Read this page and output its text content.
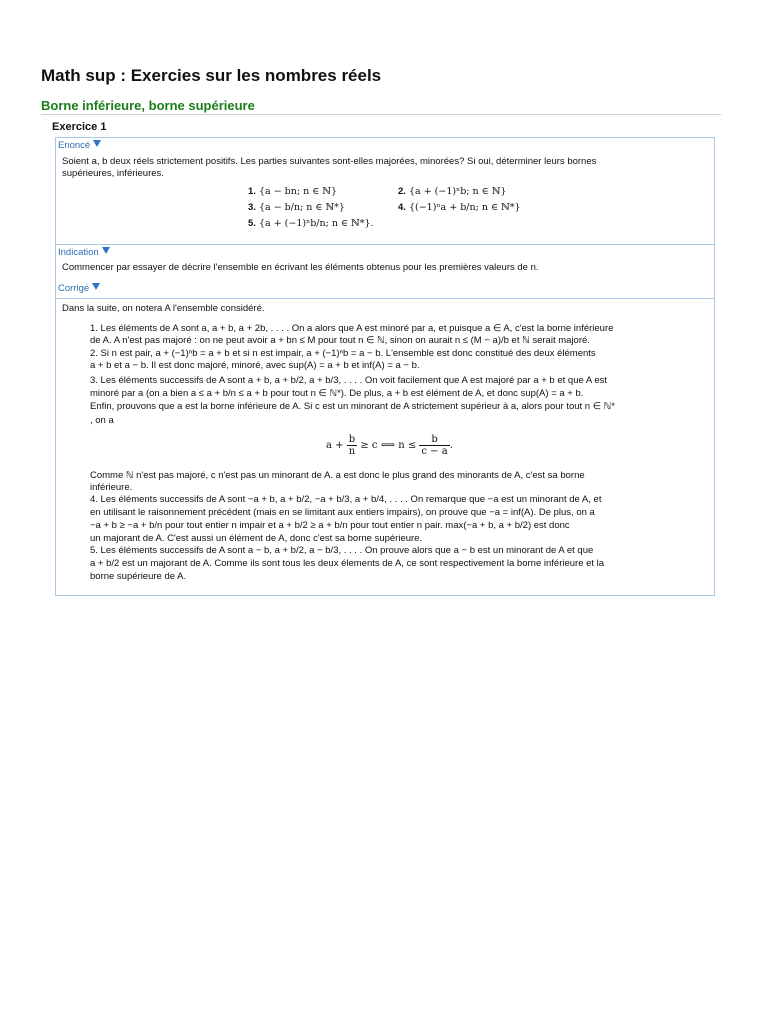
Math sup : Exercies sur les nombres réels
Borne inférieure, borne supérieure
Exercice 1
Enoncé
Soient a, b deux réels strictement positifs. Les parties suivantes sont-elles majorées, minorées? Si oui, déterminer leurs bornes
supérieures, inférieures.
1. {a − bn; n ∈ ℕ}	2. {a + (−1)ⁿb; n ∈ ℕ}
3. {a − b/n; n ∈ ℕ*}	4. {(−1)ⁿa + b/n; n ∈ ℕ*}
5. {a + (−1)ⁿb/n; n ∈ ℕ*}.
Indication
Commencer par essayer de décrire l'ensemble en écrivant les éléments obtenus pour les premières valeurs de n.
Corrigé
Dans la suite, on notera A l'ensemble considéré.
1. Les éléments de A sont a, a + b, a + 2b, . . . . On a alors que A est minoré par a, et puisque a ∈ A, c'est la borne inférieure
de A. A n'est pas majoré : on ne peut avoir a + bn ≤ M pour tout n ∈ ℕ, sinon on aurait n ≤ (M − a)/b et ℕ serait majoré.
2. Si n est pair, a + (−1)ⁿb = a + b et si n est impair, a + (−1)ⁿb = a − b. L'ensemble est donc constitué des deux éléments
a + b et a − b. Il est donc majoré, minoré, avec sup(A) = a + b et inf(A) = a − b.
3. Les éléments successifs de A sont a + b, a + b/2, a + b/3, . . . . On voit facilement que A est majoré par a + b et que A est
minoré par a (on a bien a ≤ a + b/n ≤ a + b pour tout n ∈ ℕ*). De plus, a + b est élément de A, et donc sup(A) = a + b.
Enfin, prouvons que a est la borne inférieure de A. Si c est un minorant de A strictement supérieur à a, alors pour tout n ∈ ℕ*
, on a
$a + \frac{b}{n} \ge c$ ⟺ $n \le \frac{b}{c - a}$ .
Comme ℕ n'est pas majoré, c n'est pas un minorant de A. a est donc le plus grand des minorants de A, c'est sa borne
inférieure.
4. Les éléments successifs de A sont −a + b, a + b/2, −a + b/3, a + b/4, . . . . On remarque que −a est un minorant de A, et
en utilisant le raisonnement précédent (mais en se limitant aux entiers impairs), on prouve que −a = inf(A). De plus, on a
−a + b ≥ −a + b/n pour tout entier n impair et a + b/2 ≥ a + b/n pour tout entier n pair. max(−a + b, a + b/2) est donc
un majorant de A. C'est aussi un élément de A, donc c'est sa borne supérieure.
5. Les éléments successifs de A sont a − b, a + b/2, a − b/3, . . . . On prouve alors que a − b est un minorant de A et que
a + b/2 est un majorant de A. Comme ils sont tous les deux élements de A, ce sont respectivement la borne inférieure et la
borne supérieure de A.
